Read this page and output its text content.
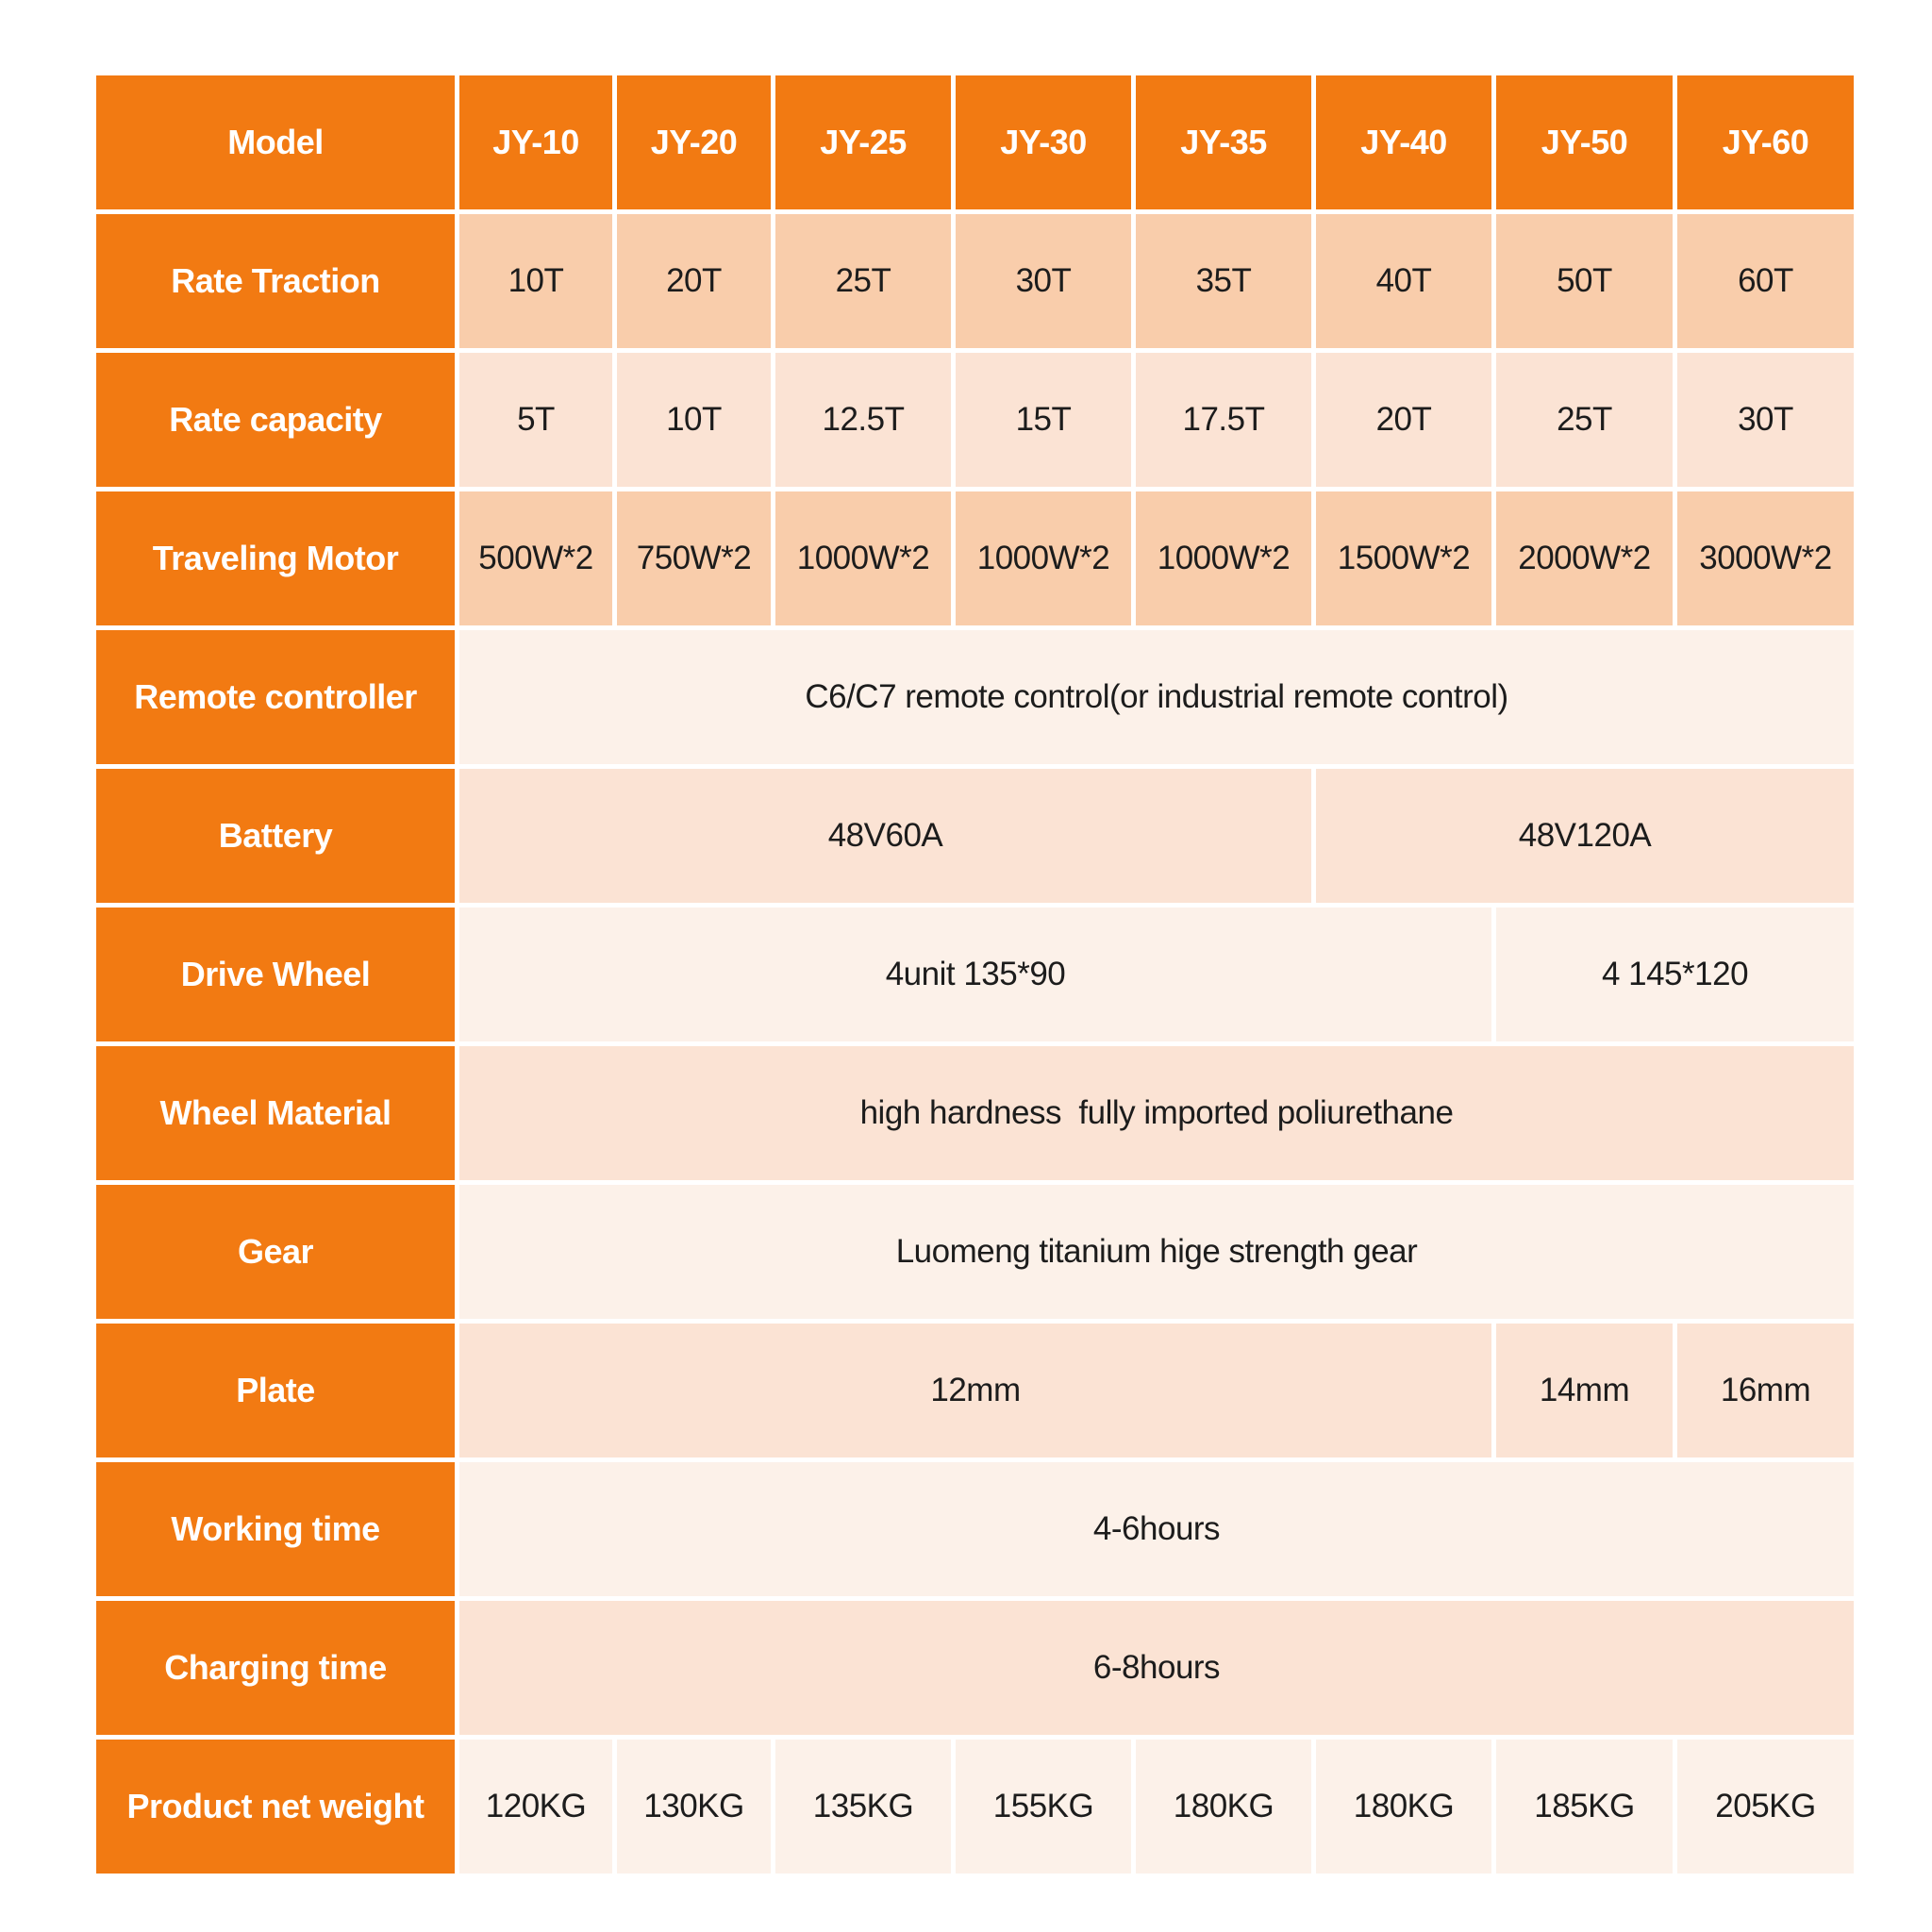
Model	JY-10	JY-20	JY-25	JY-30	JY-35	JY-40	JY-50	JY-60
Rate Traction	10T	20T	25T	30T	35T	40T	50T	60T
Rate capacity	5T	10T	12.5T	15T	17.5T	20T	25T	30T
Traveling Motor	500W*2	750W*2	1000W*2	1000W*2	1000W*2	1500W*2	2000W*2	3000W*2
Remote controller	C6/C7 remote control(or industrial remote control)							
Battery	48V60A					48V120A		
Drive Wheel	4unit 135*90						4 145*120	
Wheel Material	high hardness  fully imported poliurethane							
Gear	Luomeng titanium hige strength gear							
Plate	12mm						14mm	16mm
Working time	4-6hours							
Charging time	6-8hours							
Product net weight	120KG	130KG	135KG	155KG	180KG	180KG	185KG	205KG
